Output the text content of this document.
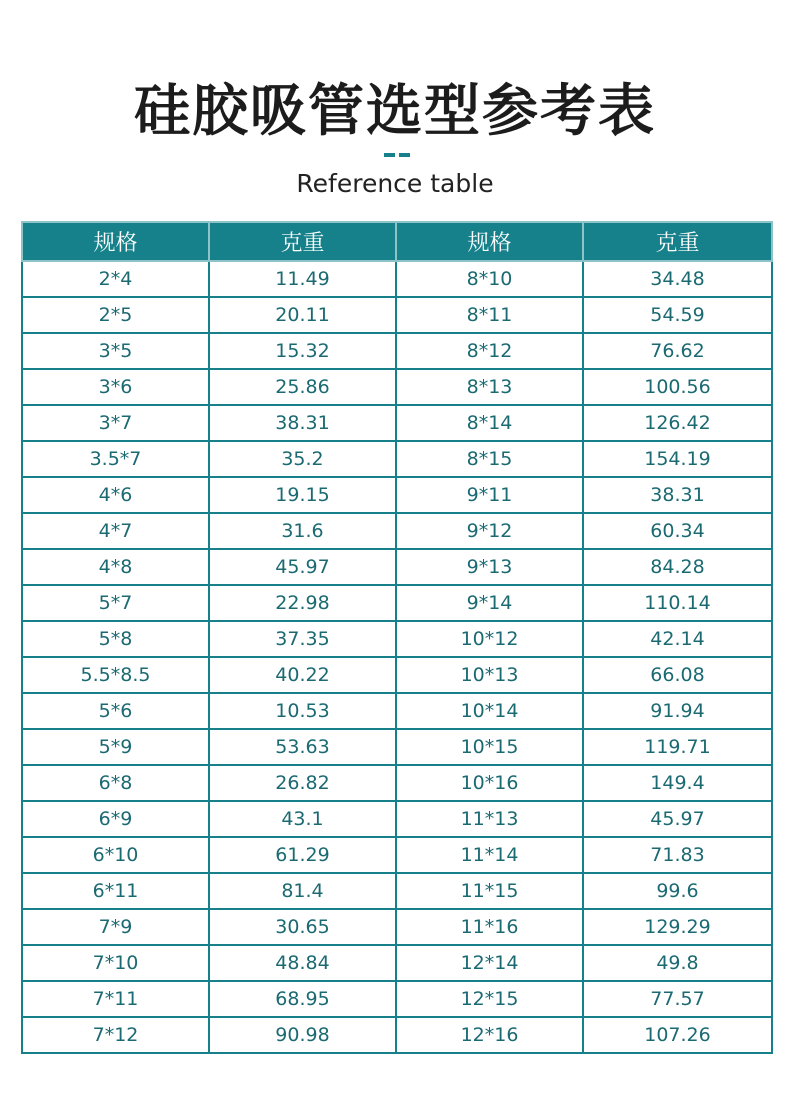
硅胶吸管选型参考表
Reference table
规格	克重	规格	克重
2*4	11.49	8*10	34.48
2*5	20.11	8*11	54.59
3*5	15.32	8*12	76.62
3*6	25.86	8*13	100.56
3*7	38.31	8*14	126.42
3.5*7	35.2	8*15	154.19
4*6	19.15	9*11	38.31
4*7	31.6	9*12	60.34
4*8	45.97	9*13	84.28
5*7	22.98	9*14	110.14
5*8	37.35	10*12	42.14
5.5*8.5	40.22	10*13	66.08
5*6	10.53	10*14	91.94
5*9	53.63	10*15	119.71
6*8	26.82	10*16	149.4
6*9	43.1	11*13	45.97
6*10	61.29	11*14	71.83
6*11	81.4	11*15	99.6
7*9	30.65	11*16	129.29
7*10	48.84	12*14	49.8
7*11	68.95	12*15	77.57
7*12	90.98	12*16	107.26
